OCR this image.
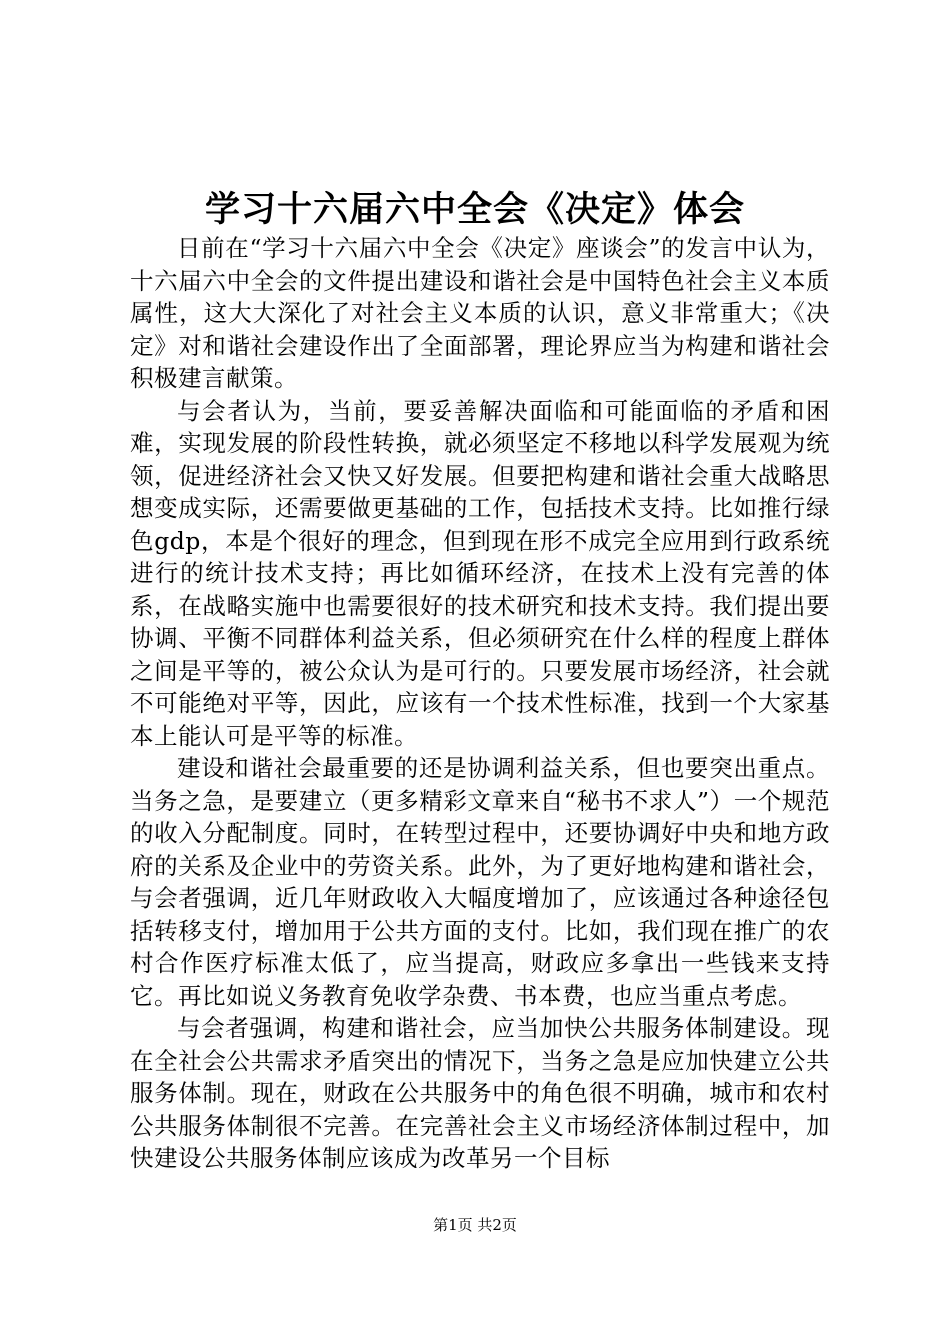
学习十六届六中全会《决定》体会

日前在“学习十六届六中全会《决定》座谈会”的发言中认为，十六届六中全会的文件提出建设和谐社会是中国特色社会主义本质属性，这大大深化了对社会主义本质的认识，意义非常重大；《决定》对和谐社会建设作出了全面部署，理论界应当为构建和谐社会积极建言献策。

与会者认为，当前，要妥善解决面临和可能面临的矛盾和困难，实现发展的阶段性转换，就必须坚定不移地以科学发展观为统领，促进经济社会又快又好发展。但要把构建和谐社会重大战略思想变成实际，还需要做更基础的工作，包括技术支持。比如推行绿色gdp，本是个很好的理念，但到现在形不成完全应用到行政系统进行的统计技术支持；再比如循环经济，在技术上没有完善的体系，在战略实施中也需要很好的技术研究和技术支持。我们提出要协调、平衡不同群体利益关系，但必须研究在什么样的程度上群体之间是平等的，被公众认为是可行的。只要发展市场经济，社会就不可能绝对平等，因此，应该有一个技术性标准，找到一个大家基本上能认可是平等的标准。

建设和谐社会最重要的还是协调利益关系，但也要突出重点。当务之急，是要建立（更多精彩文章来自“秘书不求人”）一个规范的收入分配制度。同时，在转型过程中，还要协调好中央和地方政府的关系及企业中的劳资关系。此外，为了更好地构建和谐社会，与会者强调，近几年财政收入大幅度增加了，应该通过各种途径包括转移支付，增加用于公共方面的支付。比如，我们现在推广的农村合作医疗标准太低了，应当提高，财政应多拿出一些钱来支持它。再比如说义务教育免收学杂费、书本费，也应当重点考虑。

与会者强调，构建和谐社会，应当加快公共服务体制建设。现在全社会公共需求矛盾突出的情况下，当务之急是应加快建立公共服务体制。现在，财政在公共服务中的角色很不明确，城市和农村公共服务体制很不完善。在完善社会主义市场经济体制过程中，加快建设公共服务体制应该成为改革另一个目标

第1页 共2页
